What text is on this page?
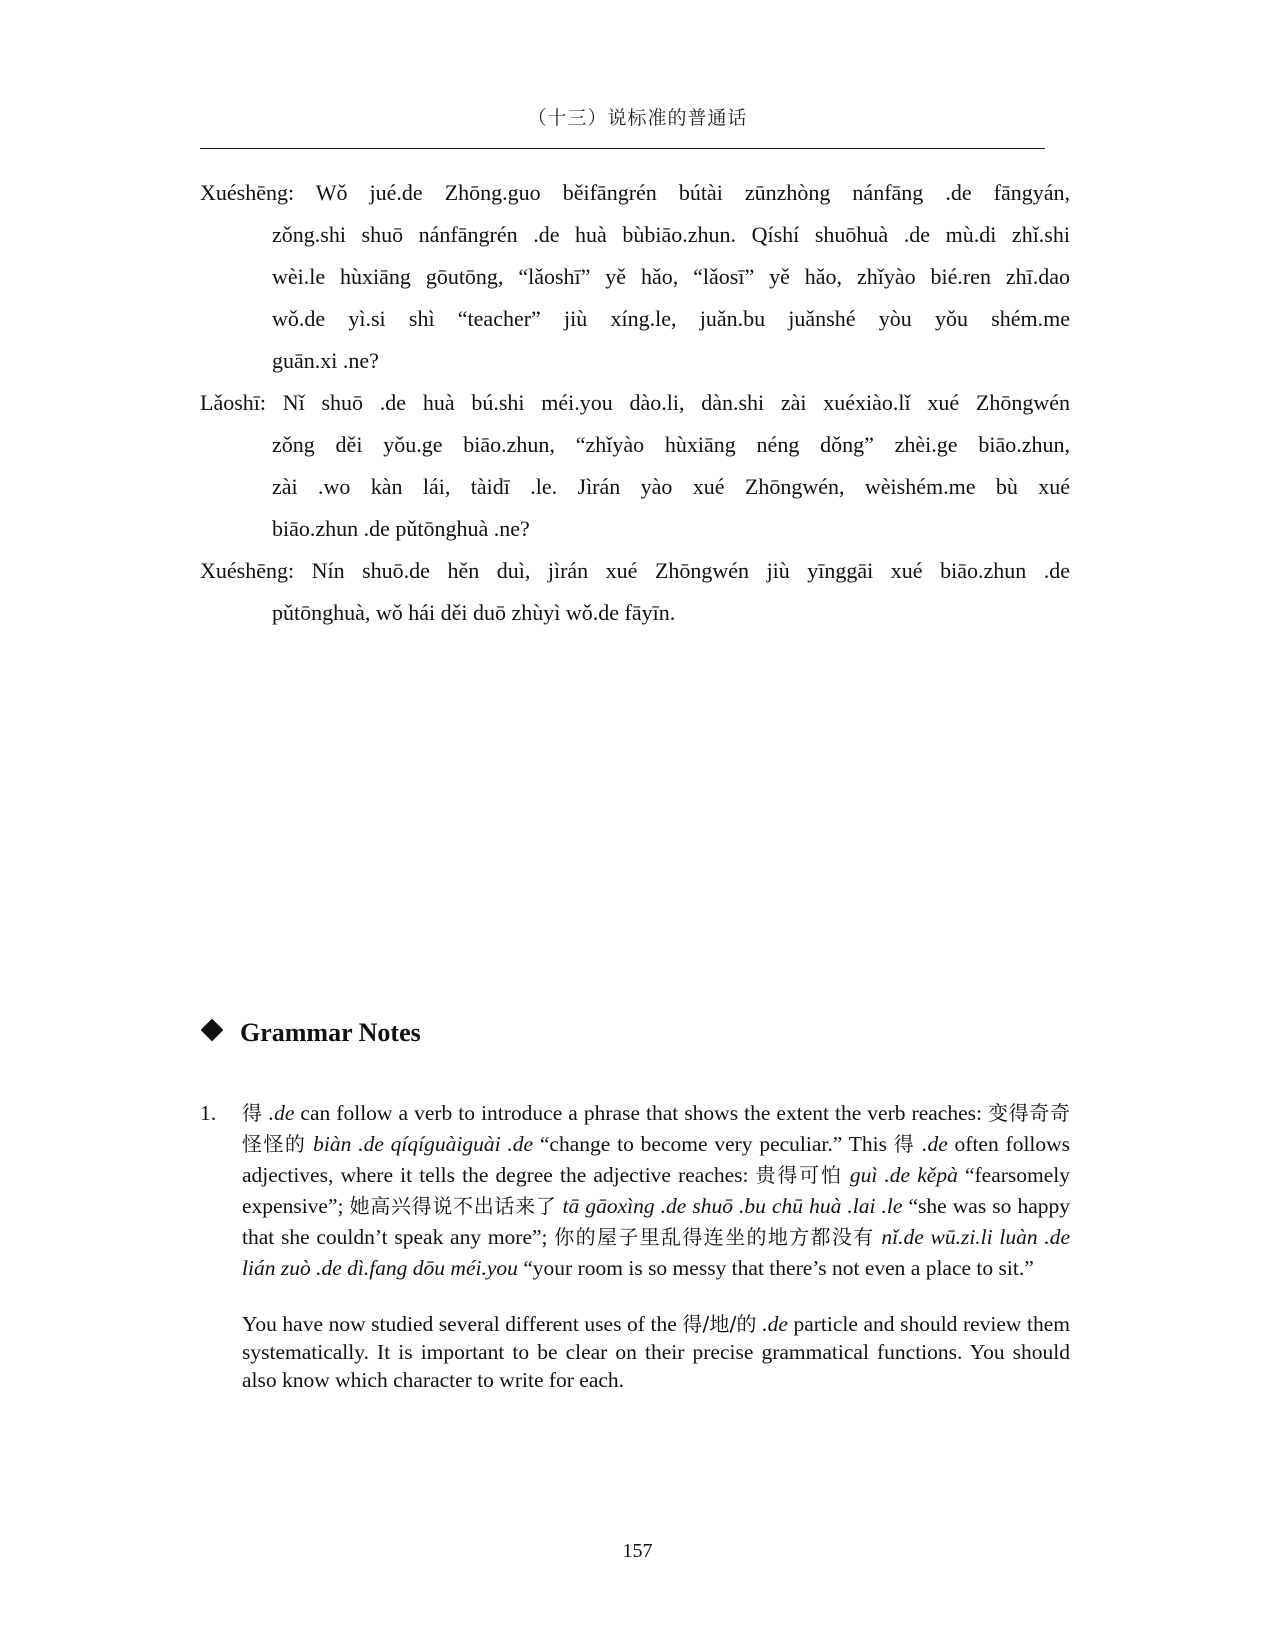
（十三）说标准的普通话
Xuéshēng: Wǒ jué.de Zhōng.guo běifāngrén bútài zūnzhòng nánfāng .de fāngyán,
zǒng.shi shuō nánfāngrén .de huà bùbiāo.zhun. Qíshí shuōhuà .de mù.di zhǐ.shi
wèi.le hùxiāng gōutōng, “lǎoshī” yě hǎo, “lǎosī” yě hǎo, zhǐyào bié.ren zhī.dao
wǒ.de yì.si shì “teacher” jiù xíng.le, juǎn.bu juǎnshé yòu yǒu shém.me
guān.xi .ne?
Lǎoshī: Nǐ shuō .de huà bú.shi méi.you dào.li, dàn.shi zài xuéxiào.lǐ xué Zhōngwén
zǒng děi yǒu.ge biāo.zhun, “zhǐyào hùxiāng néng dǒng” zhèi.ge biāo.zhun,
zài .wo kàn lái, tàidī .le. Jìrán yào xué Zhōngwén, wèishém.me bù xué
biāo.zhun .de pǔtōnghuà .ne?
Xuéshēng: Nín shuō.de hěn duì, jìrán xué Zhōngwén jiù yīnggāi xué biāo.zhun .de
pǔtōnghuà, wǒ hái děi duō zhùyì wǒ.de fāyīn.
Grammar Notes
1. 得 .de can follow a verb to introduce a phrase that shows the extent the verb reaches: 变得奇奇怪怪的 biàn .de qíqíguàiguài .de “change to become very peculiar.” This 得 .de often follows adjectives, where it tells the degree the adjective reaches: 贵得可怕 guì .de kěpà “fearsomely expensive”; 她高兴得说不出话来了 tā gāoxìng .de shuō .bu chū huà .lai .le “she was so happy that she couldn’t speak any more”; 你的屋子里乱得连坐的地方都没有 nǐ.de wū.zi.li luàn .de lián zuò .de dì.fang dōu méi.you “your room is so messy that there’s not even a place to sit.”

You have now studied several different uses of the 得/地/的 .de particle and should review them systematically. It is important to be clear on their precise grammatical functions. You should also know which character to write for each.

157
